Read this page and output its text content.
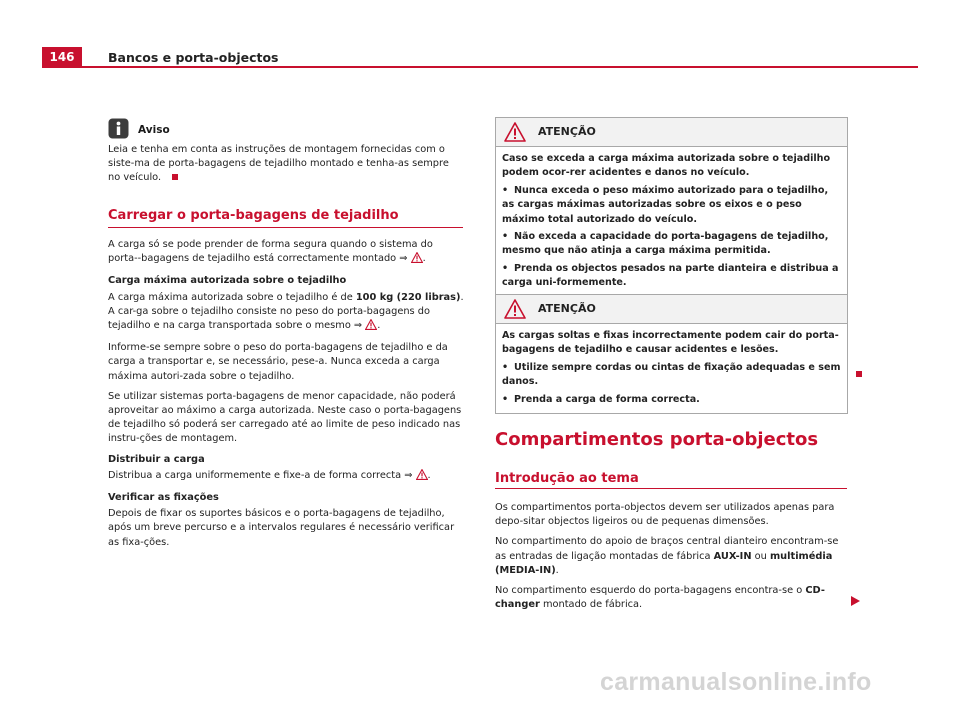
146	Bancos e porta-objectos
Aviso
Leia e tenha em conta as instruções de montagem fornecidas com o siste-ma de porta-bagagens de tejadilho montado e tenha-as sempre no veículo.
Carregar o porta-bagagens de tejadilho

A carga só se pode prender de forma segura quando o sistema do porta--bagagens de tejadilho está correctamente montado ⇒ .

Carga máxima autorizada sobre o tejadilho

A carga máxima autorizada sobre o tejadilho é de 100 kg (220 libras). A car-ga sobre o tejadilho consiste no peso do porta-bagagens do tejadilho e na carga transportada sobre o mesmo ⇒ .

Informe-se sempre sobre o peso do porta-bagagens de tejadilho e da carga a transportar e, se necessário, pese-a. Nunca exceda a carga máxima autori-zada sobre o tejadilho.

Se utilizar sistemas porta-bagagens de menor capacidade, não poderá aproveitar ao máximo a carga autorizada. Neste caso o porta-bagagens de tejadilho só poderá ser carregado até ao limite de peso indicado nas instru-ções de montagem.

Distribuir a carga

Distribua a carga uniformemente e fixe-a de forma correcta ⇒ .

Verificar as fixações

Depois de fixar os suportes básicos e o porta-bagagens de tejadilho, após um breve percurso e a intervalos regulares é necessário verificar as fixa-ções.

ATENÇÃO

Caso se exceda a carga máxima autorizada sobre o tejadilho podem ocor-rer acidentes e danos no veículo.

• Nunca exceda o peso máximo autorizado para o tejadilho, as cargas máximas autorizadas sobre os eixos e o peso máximo total autorizado do veículo.

• Não exceda a capacidade do porta-bagagens de tejadilho, mesmo que não atinja a carga máxima permitida.

• Prenda os objectos pesados na parte dianteira e distribua a carga uni-formemente.

ATENÇÃO

As cargas soltas e fixas incorrectamente podem cair do porta-bagagens de tejadilho e causar acidentes e lesões.

• Utilize sempre cordas ou cintas de fixação adequadas e sem danos.

• Prenda a carga de forma correcta.

Compartimentos porta-objectos
Introdução ao tema

Os compartimentos porta-objectos devem ser utilizados apenas para depo-sitar objectos ligeiros ou de pequenas dimensões.

No compartimento do apoio de braços central dianteiro encontram-se as entradas de ligação montadas de fábrica AUX-IN ou multimédia (MEDIA-IN).

No compartimento esquerdo do porta-bagagens encontra-se o CD-changer montado de fábrica.

carmanualsonline.info
